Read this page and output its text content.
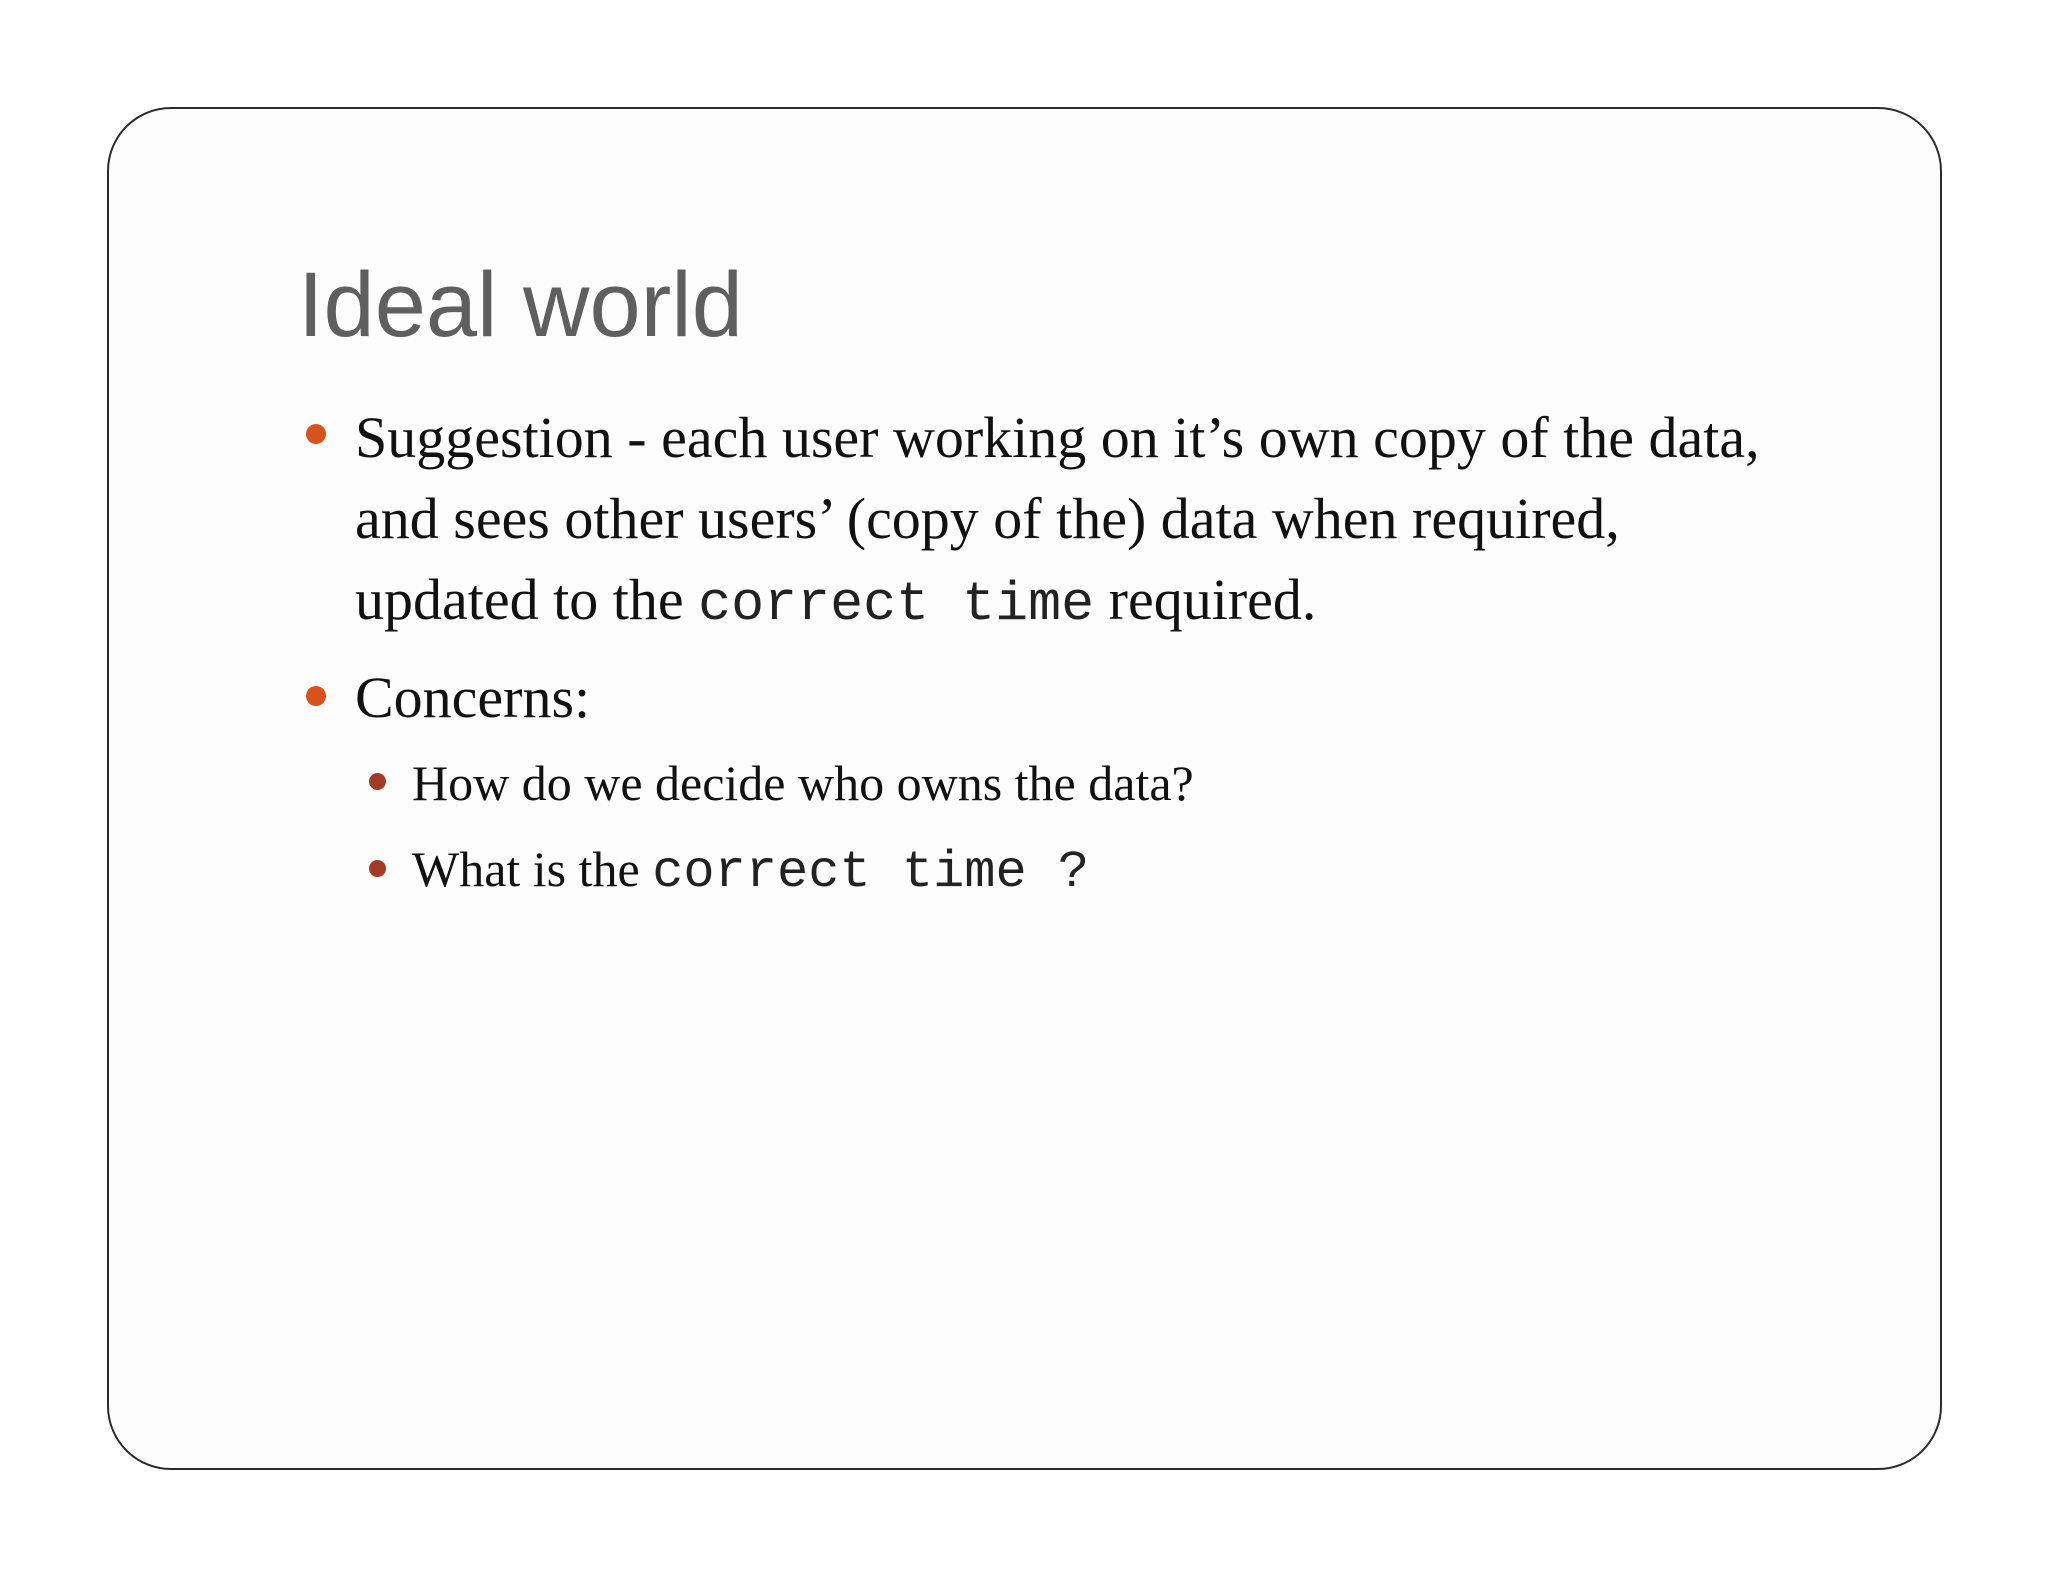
Ideal world
Suggestion - each user working on it’s own copy of the data,
and sees other users’ (copy of the) data when required,
updated to the correct time required.
Concerns:
How do we decide who owns the data?
What is the correct time ?
